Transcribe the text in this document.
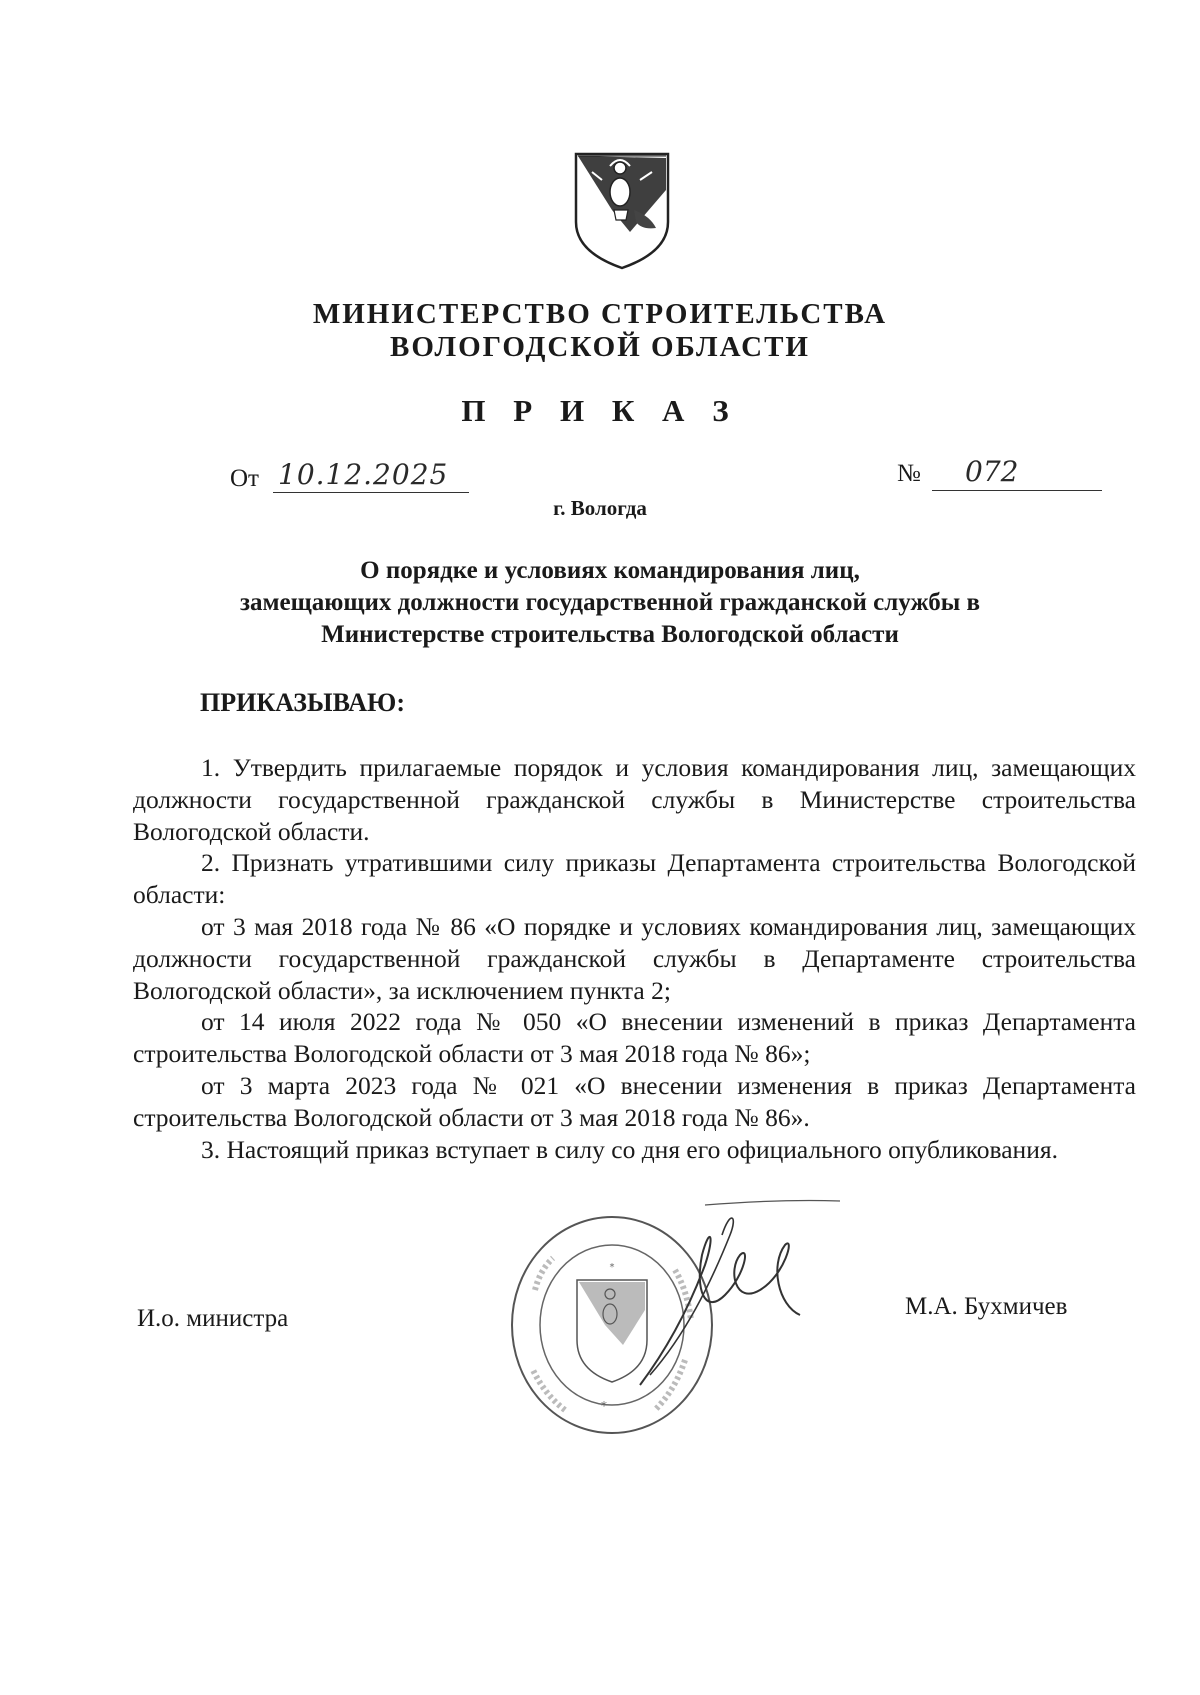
МИНИСТЕРСТВО СТРОИТЕЛЬСТВА
ВОЛОГОДСКОЙ ОБЛАСТИ
П Р И К А З
От 10.12.2025	№ 072
г. Вологда
О порядке и условиях командирования лиц,
замещающих должности государственной гражданской службы в
Министерстве строительства Вологодской области
ПРИКАЗЫВАЮ:

1. Утвердить прилагаемые порядок и условия командирования лиц, замещающих должности государственной гражданской службы в Министерстве строительства Вологодской области.

2. Признать утратившими силу приказы Департамента строительства Вологодской области:

от 3 мая 2018 года № 86 «О порядке и условиях командирования лиц, замещающих должности государственной гражданской службы в Департаменте строительства Вологодской области», за исключением пункта 2;

от 14 июля 2022 года № 050 «О внесении изменений в приказ Департамента строительства Вологодской области от 3 мая 2018 года № 86»;

от 3 марта 2023 года № 021 «О внесении изменения в приказ Департамента строительства Вологодской области от 3 мая 2018 года № 86».

3. Настоящий приказ вступает в силу со дня его официального опубликования.

И.о. министра	М.А. Бухмичев
*
*
